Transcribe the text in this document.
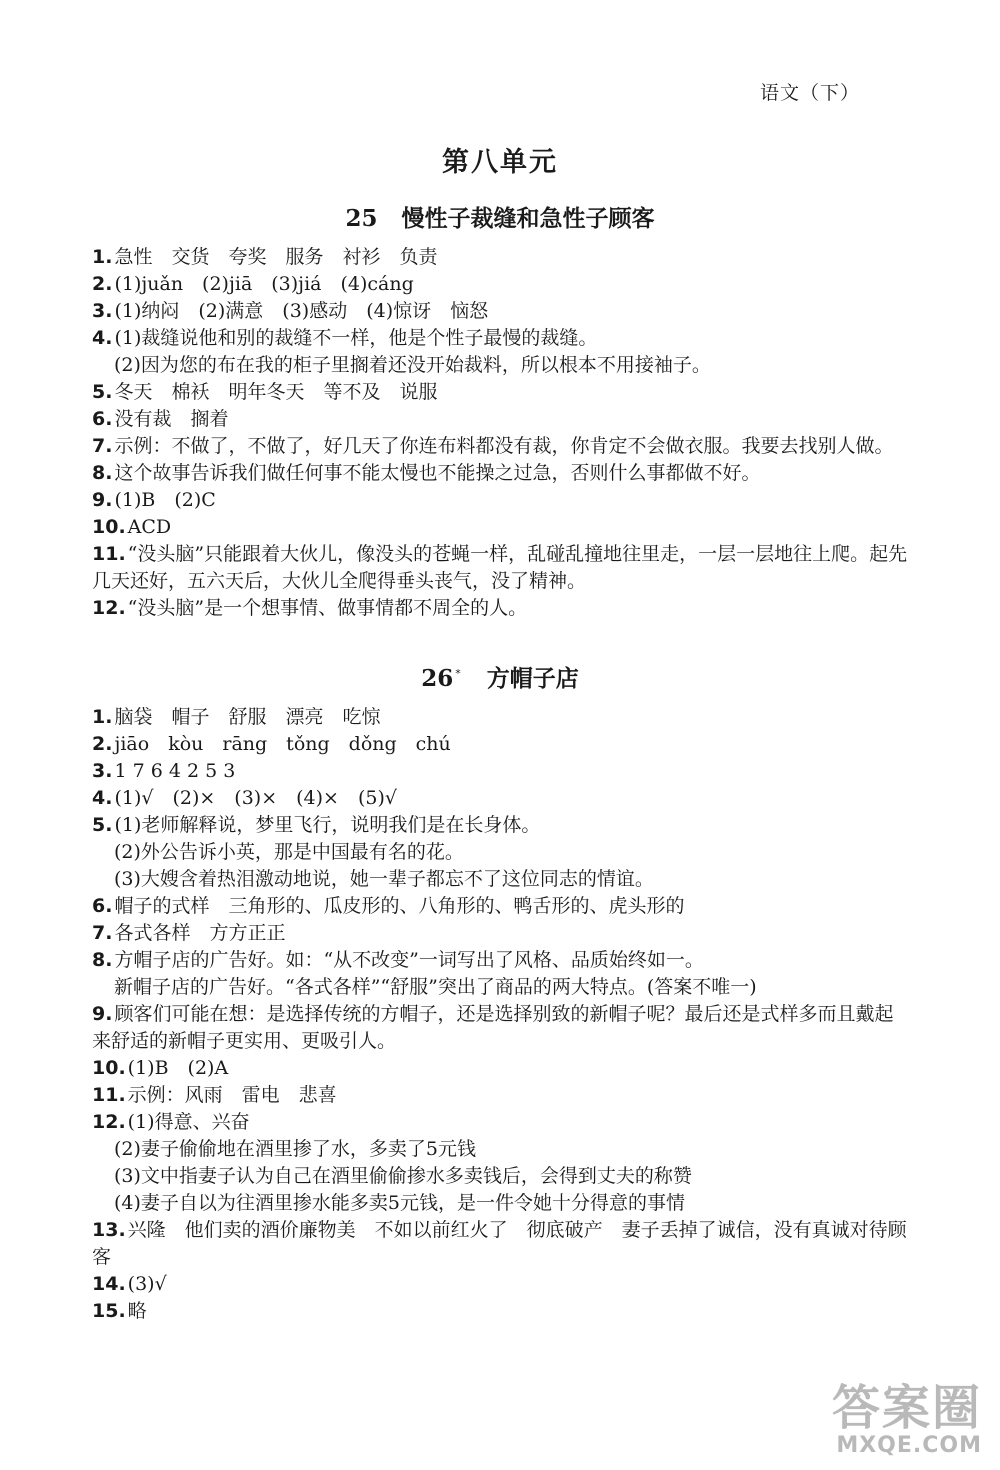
语文（下）
第八单元
25 慢性子裁缝和急性子顾客
1. 急性　交货　夸奖　服务　衬衫　负责
2. (1)juǎn　(2)jiā　(3)jiá　(4)cáng
3. (1)纳闷　(2)满意　(3)感动　(4)惊讶　恼怒
4. (1)裁缝说他和别的裁缝不一样，他是个性子最慢的裁缝。
(2)因为您的布在我的柜子里搁着还没开始裁料，所以根本不用接袖子。
5. 冬天　棉袄　明年冬天　等不及　说服
6. 没有裁　搁着
7. 示例：不做了，不做了，好几天了你连布料都没有裁，你肯定不会做衣服。我要去找别人做。
8. 这个故事告诉我们做任何事不能太慢也不能操之过急，否则什么事都做不好。
9. (1)B　(2)C
10. ACD
11. “没头脑”只能跟着大伙儿，像没头的苍蝇一样，乱碰乱撞地往里走，一层一层地往上爬。起先几天还好，五六天后，大伙儿全爬得垂头丧气，没了精神。
12. “没头脑”是一个想事情、做事情都不周全的人。
26 * 方帽子店
1. 脑袋　帽子　舒服　漂亮　吃惊
2. jiāo　kòu　rāng　tǒng　dǒng　chú
3. 1 7 6 4 2 5 3
4. (1)√　(2)×　(3)×　(4)×　(5)√
5. (1)老师解释说，梦里飞行，说明我们是在长身体。
(2)外公告诉小英，那是中国最有名的花。
(3)大嫂含着热泪激动地说，她一辈子都忘不了这位同志的情谊。
6. 帽子的式样　三角形的、瓜皮形的、八角形的、鸭舌形的、虎头形的
7. 各式各样　方方正正
8. 方帽子店的广告好。如：“从不改变”一词写出了风格、品质始终如一。
新帽子店的广告好。“各式各样”“舒服”突出了商品的两大特点。(答案不唯一)
9. 顾客们可能在想：是选择传统的方帽子，还是选择别致的新帽子呢？最后还是式样多而且戴起来舒适的新帽子更实用、更吸引人。
10. (1)B　(2)A
11. 示例：风雨　雷电　悲喜
12. (1)得意、兴奋
(2)妻子偷偷地在酒里掺了水，多卖了5元钱
(3)文中指妻子认为自己在酒里偷偷掺水多卖钱后，会得到丈夫的称赞
(4)妻子自以为往酒里掺水能多卖5元钱，是一件令她十分得意的事情
13. 兴隆　他们卖的酒价廉物美　不如以前红火了　彻底破产　妻子丢掉了诚信，没有真诚对待顾客
14. (3)√
15. 略
答案圈
MXQE.COM
